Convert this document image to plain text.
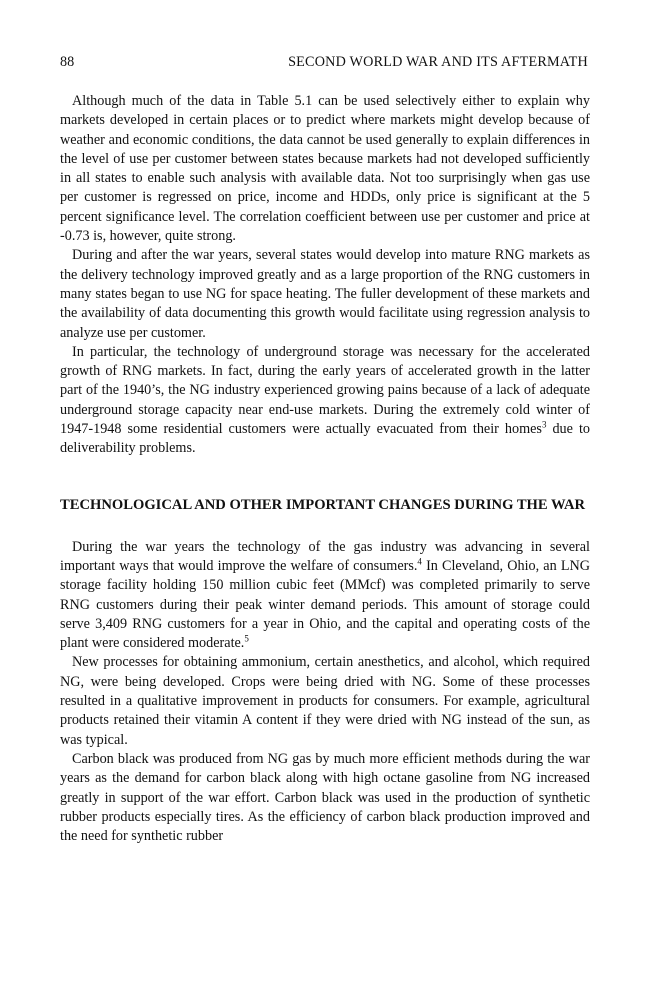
88	SECOND WORLD WAR AND ITS AFTERMATH

Although much of the data in Table 5.1 can be used selectively either to explain why markets developed in certain places or to predict where markets might develop because of weather and economic conditions, the data cannot be used generally to explain differences in the level of use per customer between states because markets had not developed sufficiently in all states to enable such analysis with available data. Not too surprisingly when gas use per customer is regressed on price, income and HDDs, only price is significant at the 5 percent significance level. The correlation coefficient between use per customer and price at -0.73 is, however, quite strong.

During and after the war years, several states would develop into mature RNG markets as the delivery technology improved greatly and as a large proportion of the RNG customers in many states began to use NG for space heating. The fuller development of these markets and the availability of data documenting this growth would facilitate using regression analysis to analyze use per customer.

In particular, the technology of underground storage was necessary for the accelerated growth of RNG markets. In fact, during the early years of accelerated growth in the latter part of the 1940’s, the NG industry experienced growing pains because of a lack of adequate underground storage capacity near end-use markets. During the extremely cold winter of 1947-1948 some residential customers were actually evacuated from their homes$^3$ due to deliverability problems.

TECHNOLOGICAL AND OTHER IMPORTANT CHANGES DURING THE WAR

During the war years the technology of the gas industry was advancing in several important ways that would improve the welfare of consumers.$^4$ In Cleveland, Ohio, an LNG storage facility holding 150 million cubic feet (MMcf) was completed primarily to serve RNG customers during their peak winter demand periods. This amount of storage could serve 3,409 RNG customers for a year in Ohio, and the capital and operating costs of the plant were considered moderate.$^5$

New processes for obtaining ammonium, certain anesthetics, and alcohol, which required NG, were being developed. Crops were being dried with NG. Some of these processes resulted in a qualitative improvement in products for consumers. For example, agricultural products retained their vitamin A content if they were dried with NG instead of the sun, as was typical.

Carbon black was produced from NG gas by much more efficient methods during the war years as the demand for carbon black along with high octane gasoline from NG increased greatly in support of the war effort. Carbon black was used in the production of synthetic rubber products especially tires. As the efficiency of carbon black production improved and the need for synthetic rubber
